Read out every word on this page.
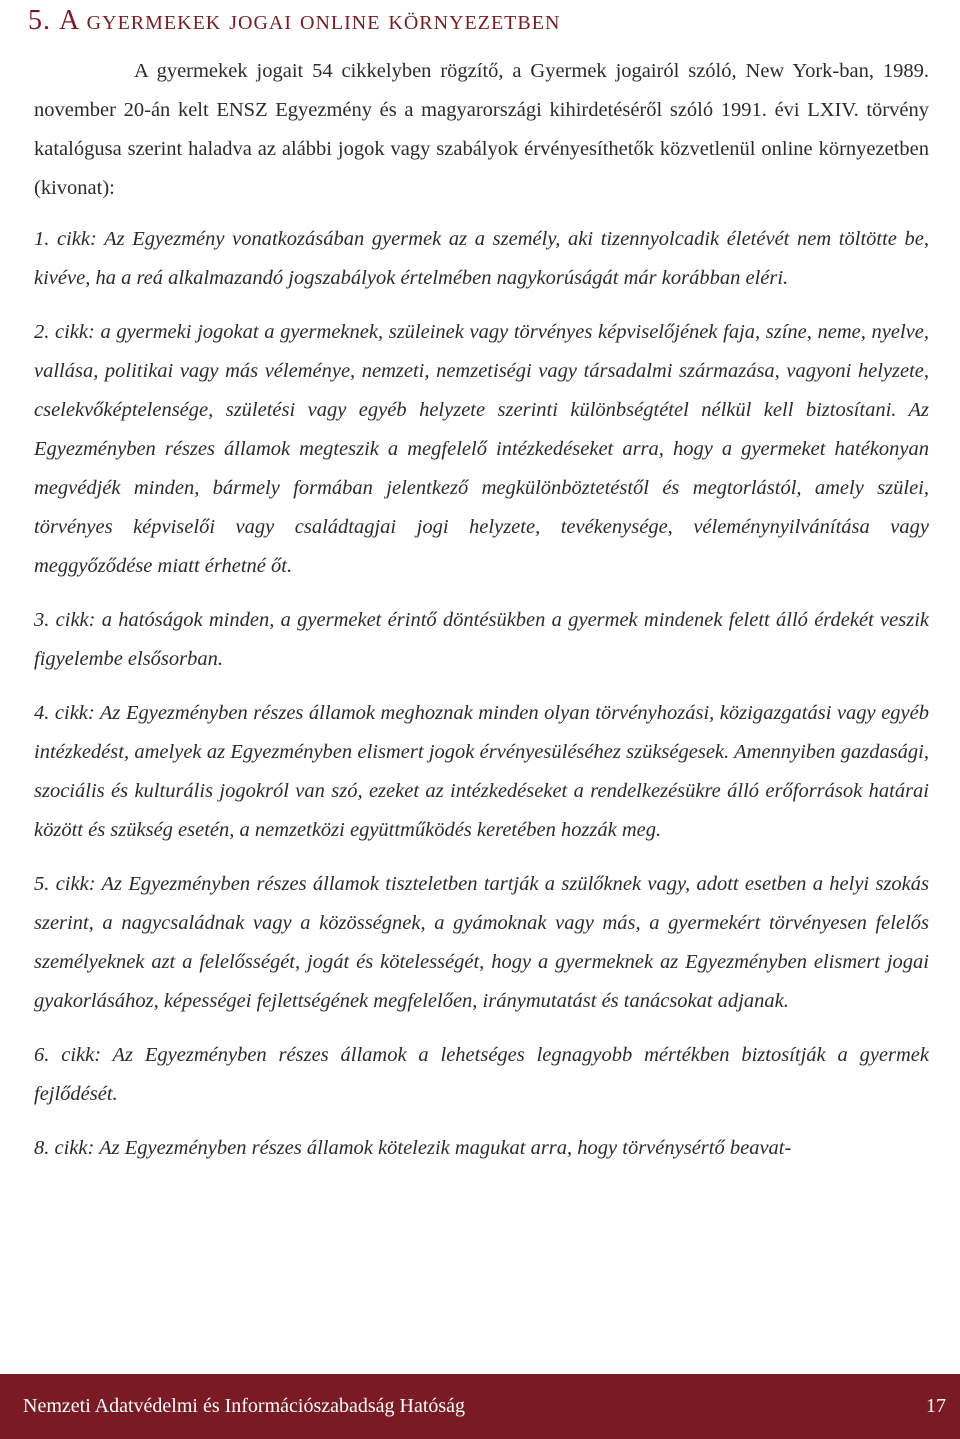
5. A gyermekek jogai online környezetben

A gyermekek jogait 54 cikkelyben rögzítő, a Gyermek jogairól szóló, New York-ban, 1989. november 20-án kelt ENSZ Egyezmény és a magyarországi kihirdetéséről szóló 1991. évi LXIV. törvény katalógusa szerint haladva az alábbi jogok vagy szabályok érvényesíthetők közvetlenül online környezetben (kivonat):

1. cikk: Az Egyezmény vonatkozásában gyermek az a személy, aki tizennyolcadik életévét nem töltötte be, kivéve, ha a reá alkalmazandó jogszabályok értelmében nagykorúságát már korábban eléri.

2. cikk: a gyermeki jogokat a gyermeknek, szüleinek vagy törvényes képviselőjének faja, színe, neme, nyelve, vallása, politikai vagy más véleménye, nemzeti, nemzetiségi vagy társadalmi származása, vagyoni helyzete, cselekvőképtelensége, születési vagy egyéb helyzete szerinti különbségtétel nélkül kell biztosítani. Az Egyezményben részes államok megteszik a megfelelő intézkedéseket arra, hogy a gyermeket hatékonyan megvédjék minden, bármely formában jelentkező megkülönböztetéstől és megtorlástól, amely szülei, törvényes képviselői vagy családtagjai jogi helyzete, tevékenysége, véleménynyilvánítása vagy meggyőződése miatt érhetné őt.

3. cikk: a hatóságok minden, a gyermeket érintő döntésükben a gyermek mindenek felett álló érdekét veszik figyelembe elsősorban.

4. cikk: Az Egyezményben részes államok meghoznak minden olyan törvényhozási, közigazgatási vagy egyéb intézkedést, amelyek az Egyezményben elismert jogok érvényesüléséhez szükségesek. Amennyiben gazdasági, szociális és kulturális jogokról van szó, ezeket az intézkedéseket a rendelkezésükre álló erőforrások határai között és szükség esetén, a nemzetközi együttműködés keretében hozzák meg.

5. cikk: Az Egyezményben részes államok tiszteletben tartják a szülőknek vagy, adott esetben a helyi szokás szerint, a nagycsaládnak vagy a közösségnek, a gyámoknak vagy más, a gyermekért törvényesen felelős személyeknek azt a felelősségét, jogát és kötelességét, hogy a gyermeknek az Egyezményben elismert jogai gyakorlásához, képességei fejlettségének megfelelően, iránymutatást és tanácsokat adjanak.

6. cikk: Az Egyezményben részes államok a lehetséges legnagyobb mértékben biztosítják a gyermek fejlődését.

8. cikk: Az Egyezményben részes államok kötelezik magukat arra, hogy törvénysértő beavat-

Nemzeti Adatvédelmi és Információszabadság Hatóság	17
